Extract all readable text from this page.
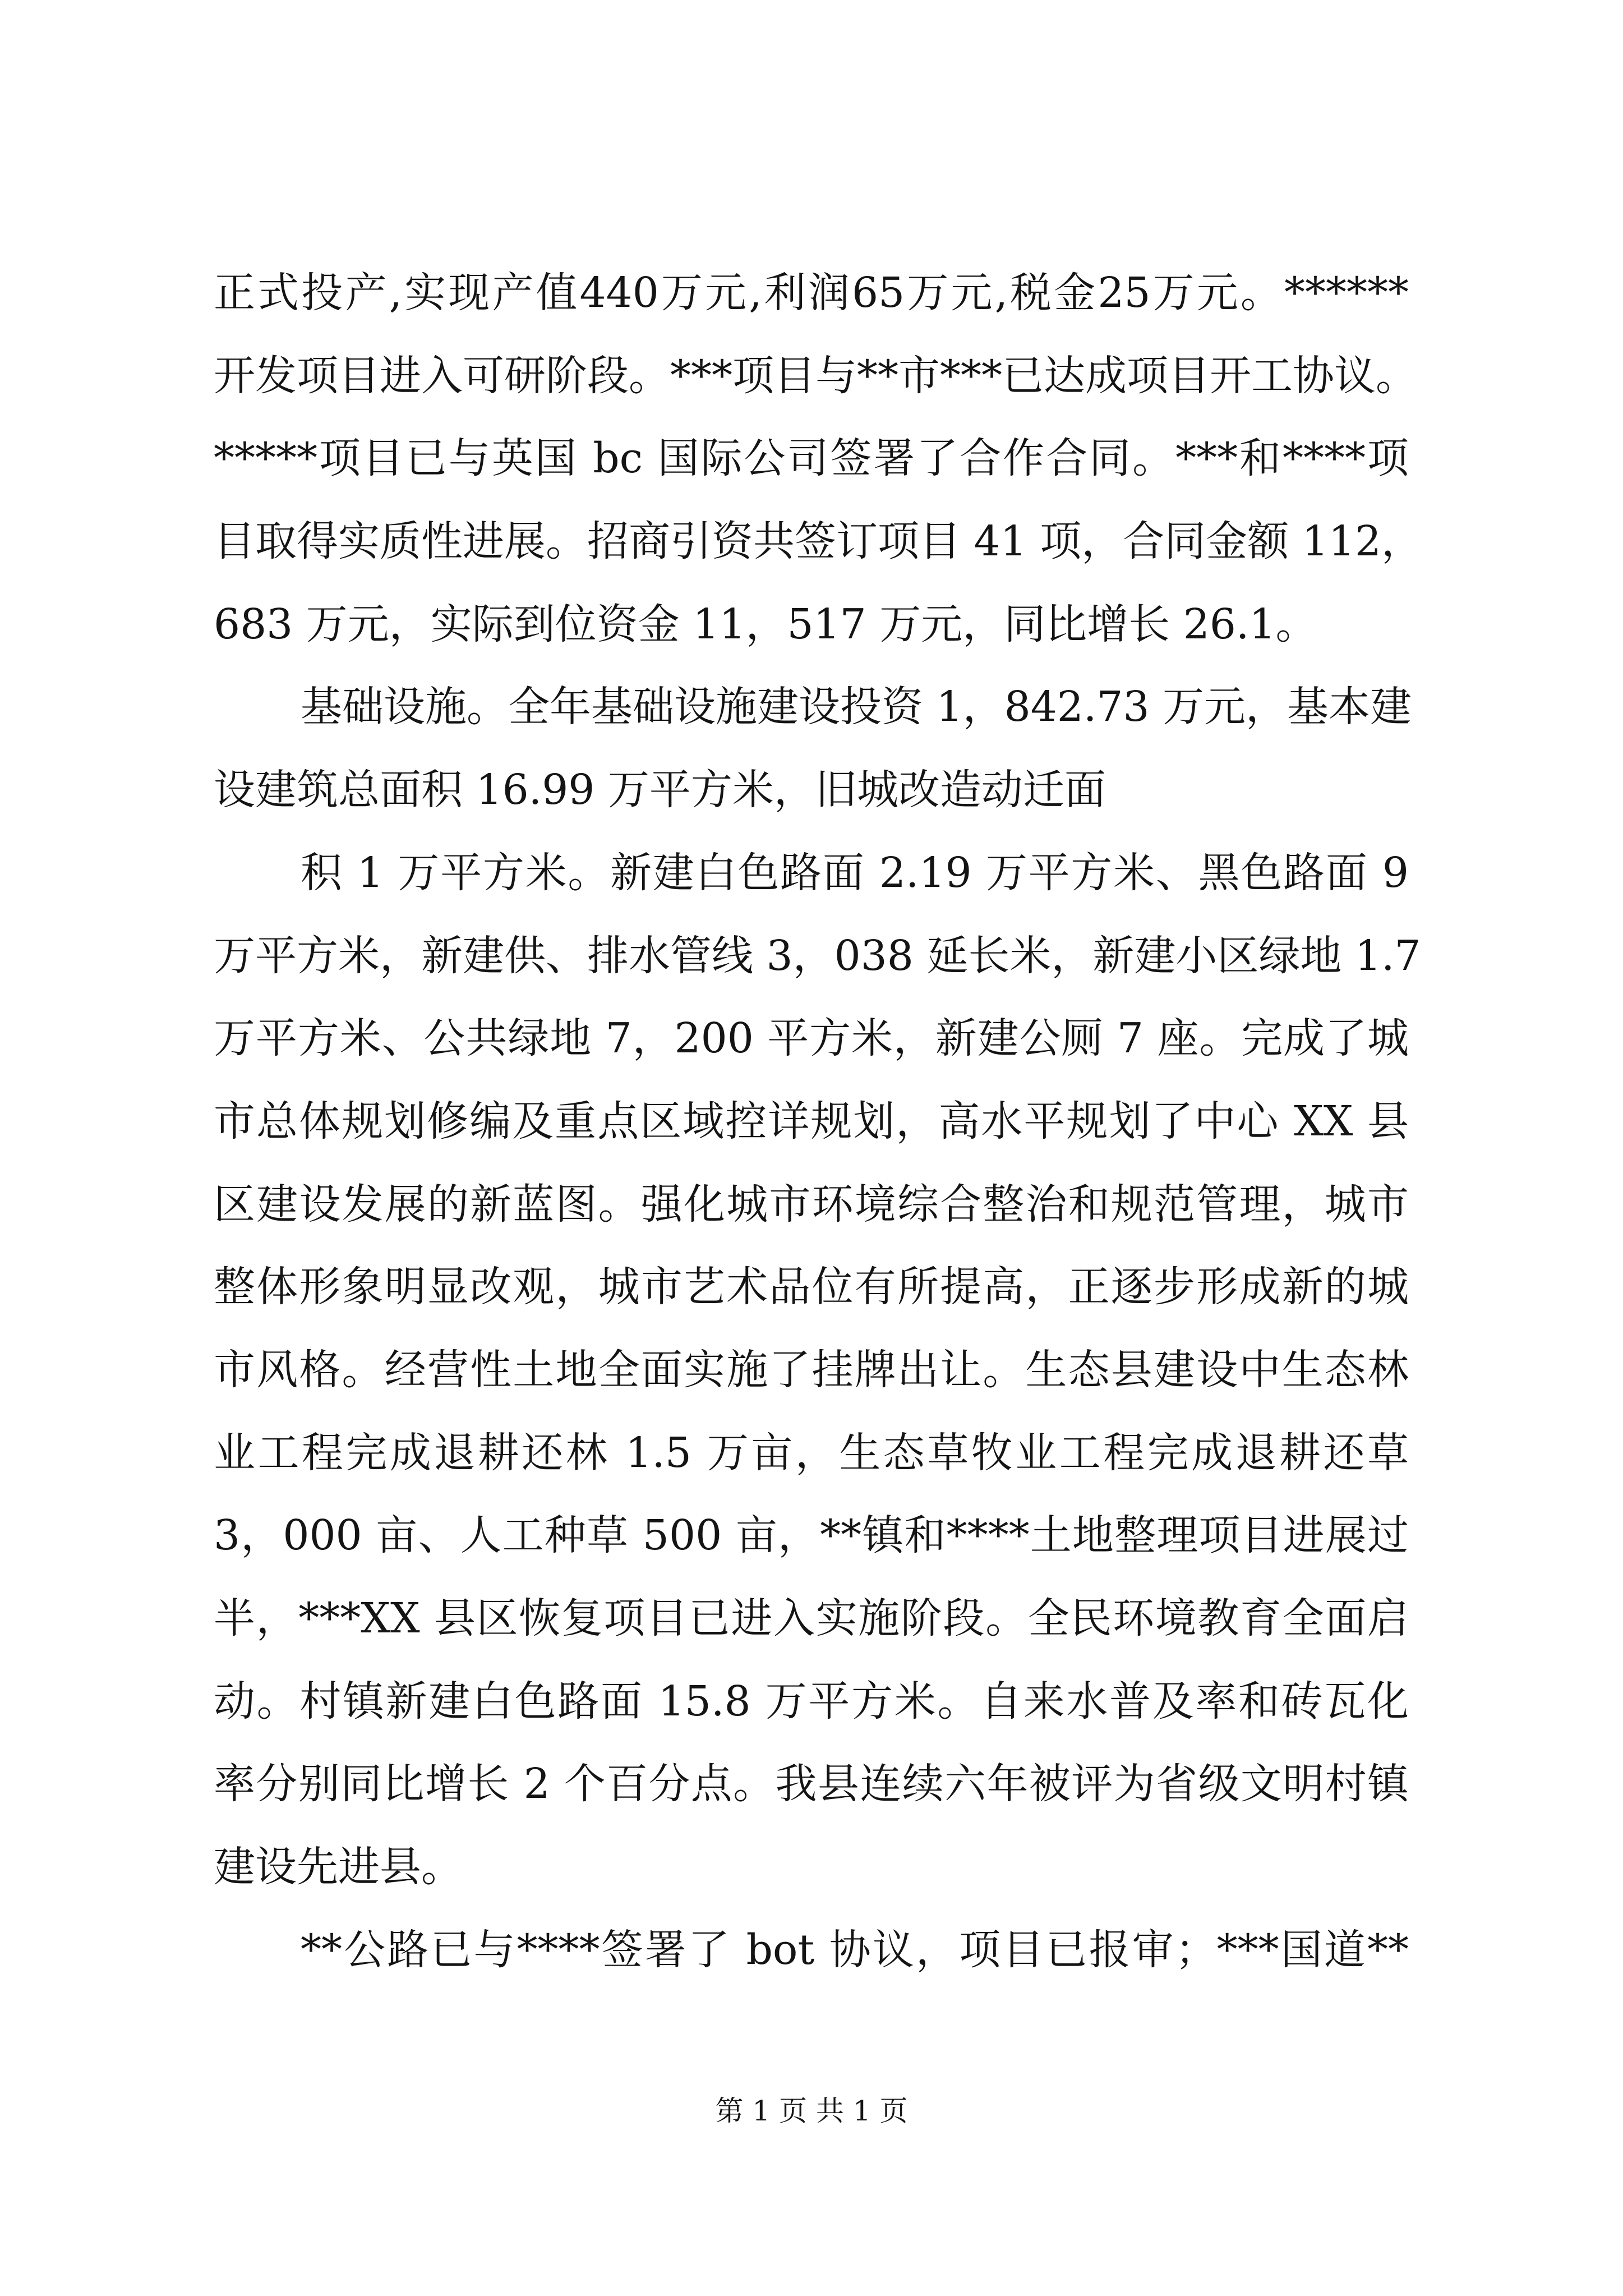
正式投产,实现产值440万元,利润65万元,税金25万元。******
开发项目进入可研阶段。***项目与**市***已达成项目开工协议。
*****项目已与英国 bc 国际公司签署了合作合同。***和****项
目取得实质性进展。招商引资共签订项目 41 项，合同金额 112，
683 万元，实际到位资金 11，517 万元，同比增长 26.1。
基础设施。全年基础设施建设投资 1，842.73 万元，基本建
设建筑总面积 16.99 万平方米，旧城改造动迁面
积 1 万平方米。新建白色路面 2.19 万平方米、黑色路面 9
万平方米，新建供、排水管线 3，038 延长米，新建小区绿地 1.7
万平方米、公共绿地 7，200 平方米，新建公厕 7 座。完成了城
市总体规划修编及重点区域控详规划，高水平规划了中心 XX 县
区建设发展的新蓝图。强化城市环境综合整治和规范管理，城市
整体形象明显改观，城市艺术品位有所提高，正逐步形成新的城
市风格。经营性土地全面实施了挂牌出让。生态县建设中生态林
业工程完成退耕还林 1.5 万亩，生态草牧业工程完成退耕还草
3，000 亩、人工种草 500 亩，**镇和****土地整理项目进展过
半，***XX 县区恢复项目已进入实施阶段。全民环境教育全面启
动。村镇新建白色路面 15.8 万平方米。自来水普及率和砖瓦化
率分别同比增长 2 个百分点。我县连续六年被评为省级文明村镇
建设先进县。
**公路已与****签署了 bot 协议，项目已报审；***国道**
第 1 页 共 1 页
